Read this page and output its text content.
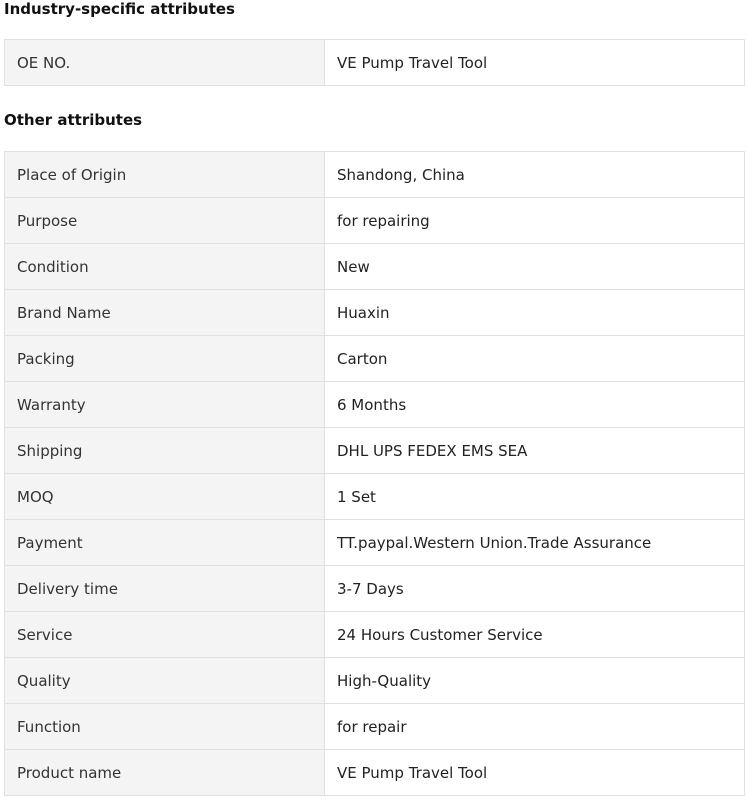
Industry-specific attributes
OE NO.	VE Pump Travel Tool
Other attributes
Place of Origin	Shandong, China
Purpose	for repairing
Condition	New
Brand Name	Huaxin
Packing	Carton
Warranty	6 Months
Shipping	DHL UPS FEDEX EMS SEA
MOQ	1 Set
Payment	TT.paypal.Western Union.Trade Assurance
Delivery time	3-7 Days
Service	24 Hours Customer Service
Quality	High-Quality
Function	for repair
Product name	VE Pump Travel Tool
